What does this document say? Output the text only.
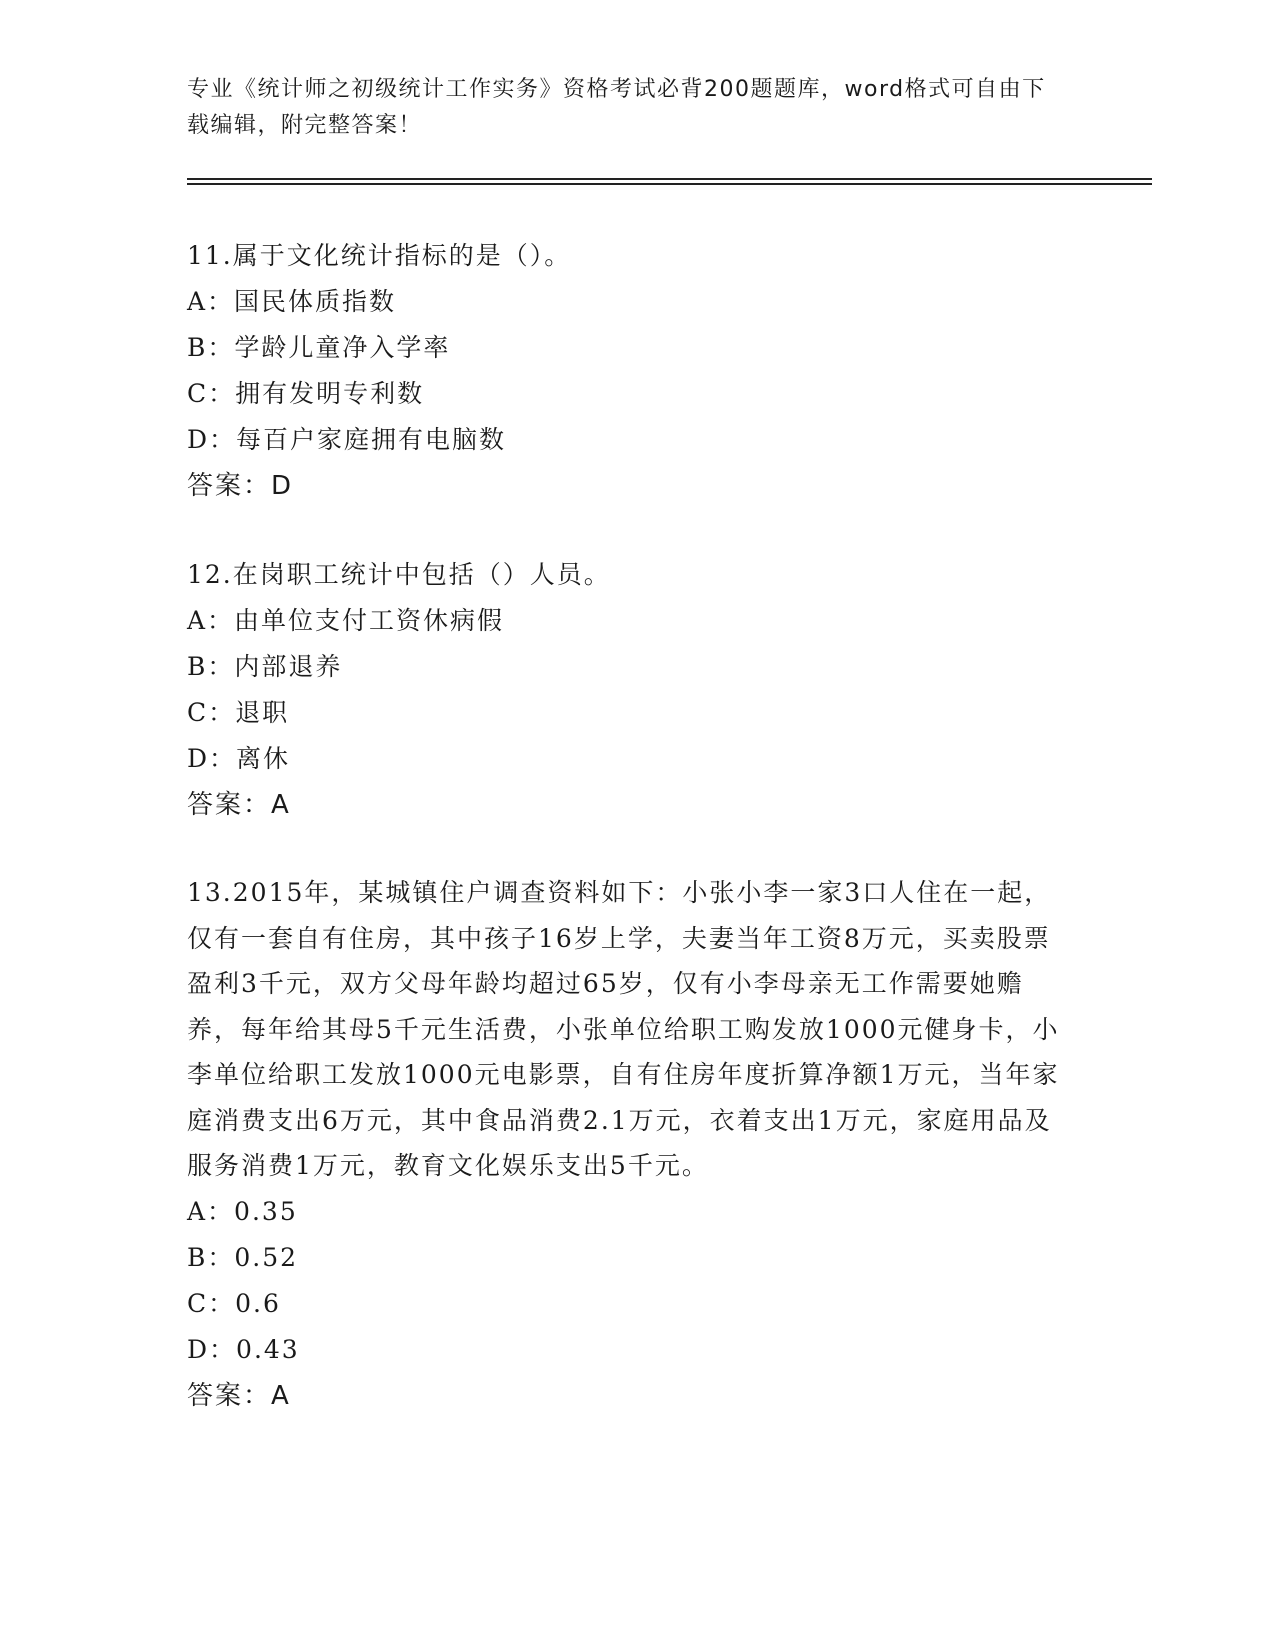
专业《统计师之初级统计工作实务》资格考试必背200题题库，word格式可自由下载编辑，附完整答案！
11.属于文化统计指标的是（）。
A：国民体质指数
B：学龄儿童净入学率
C：拥有发明专利数
D：每百户家庭拥有电脑数
答案：D
12.在岗职工统计中包括（）人员。
A：由单位支付工资休病假
B：内部退养
C：退职
D：离休
答案：A
13.2015年，某城镇住户调查资料如下：小张小李一家3口人住在一起，仅有一套自有住房，其中孩子16岁上学，夫妻当年工资8万元，买卖股票盈利3千元，双方父母年龄均超过65岁，仅有小李母亲无工作需要她赡养，每年给其母5千元生活费，小张单位给职工购发放1000元健身卡，小李单位给职工发放1000元电影票，自有住房年度折算净额1万元，当年家庭消费支出6万元，其中食品消费2.1万元，衣着支出1万元，家庭用品及服务消费1万元，教育文化娱乐支出5千元。
A：0.35
B：0.52
C：0.6
D：0.43
答案：A
